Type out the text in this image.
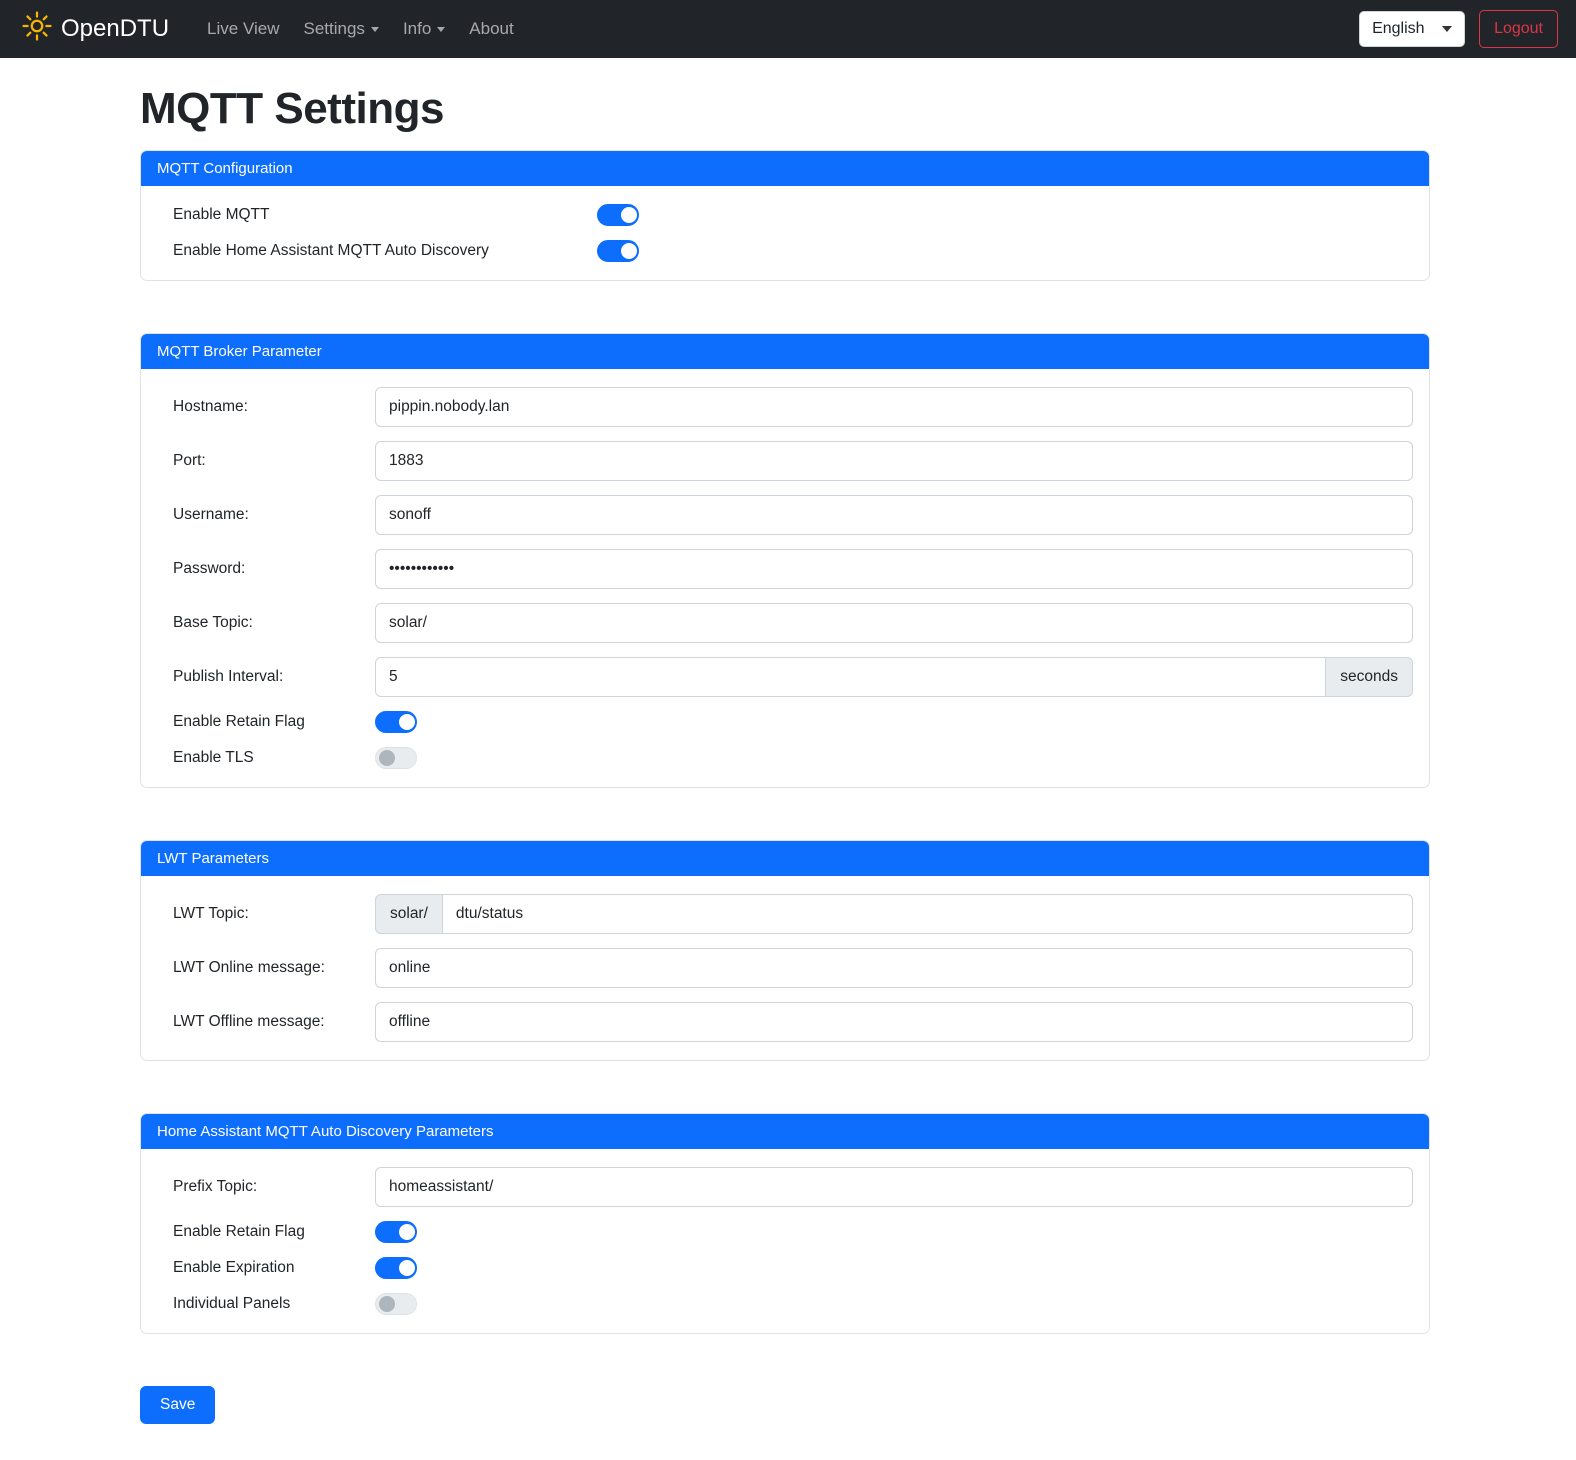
OpenDTU Live View Settings Info About	English	Logout
MQTT Settings
MQTT Configuration
Enable MQTT
Enable Home Assistant MQTT Auto Discovery
MQTT Broker Parameter
Hostname:
pippin.nobody.lan
Port:
1883
Username:
sonoff
Password:
••••••••••••
Base Topic:
solar/
Publish Interval:
5	seconds
Enable Retain Flag
Enable TLS
LWT Parameters
LWT Topic:	solar/
dtu/status
LWT Online message:
online
LWT Offline message:
offline
Home Assistant MQTT Auto Discovery Parameters
Prefix Topic:
homeassistant/
Enable Retain Flag
Enable Expiration
Individual Panels
Save
